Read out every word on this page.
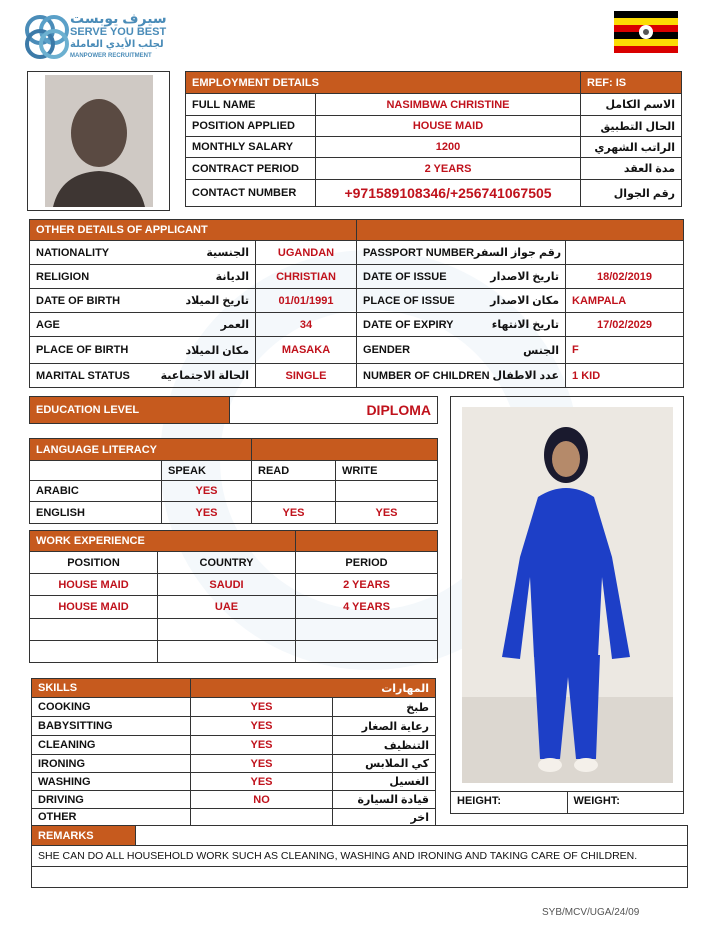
سيرف يوبست
SERVE YOU BEST
لجلب الأيدي العاملة
MANPOWER RECRUITMENT
EMPLOYMENT DETAILS		REF: IS
FULL NAME	NASIMBWA CHRISTINE	الاسم الكامل
POSITION APPLIED	HOUSE MAID	الحال التطبيق
MONTHLY SALARY	1200	الراتب الشهري
CONTRACT PERIOD	2 YEARS	مدة العقد
CONTACT NUMBER	+971589108346/+256741067505	رقم الجوال
OTHER DETAILS OF APPLICANT			

NATIONALITY الجنسية	UGANDAN	PASSPORT NUMBER رقم جواز السفر	

RELIGION الديانة	CHRISTIAN	DATE OF ISSUE تاريخ الاصدار	18/02/2019

DATE OF BIRTH تاريخ الميلاد	01/01/1991	PLACE OF ISSUE مكان الاصدار	KAMPALA

AGE العمر	34	DATE OF EXPIRY تاريخ الانتهاء	17/02/2029

PLACE OF BIRTH مكان الميلاد	MASAKA	GENDER الجنس	F

MARITAL STATUS الحالة الاجتماعية	SINGLE	NUMBER OF CHILDREN عدد الاطفال	1 KID
EDUCATION LEVEL	DIPLOMA
LANGUAGE LITERACY			
	SPEAK	READ	WRITE
ARABIC	YES		
ENGLISH	YES	YES	YES
WORK EXPERIENCE		
POSITION	COUNTRY	PERIOD
HOUSE MAID	SAUDI	2 YEARS
HOUSE MAID	UAE	4 YEARS

SKILLS	المهارات	
COOKING	YES	طبخ
BABYSITTING	YES	رعاية الصغار
CLEANING	YES	التنظيف
IRONING	YES	كي الملابس
WASHING	YES	الغسيل
DRIVING	NO	قيادة السيارة
OTHER		اخر
HEIGHT:	WEIGHT:
REMARKS	
SHE CAN DO ALL HOUSEHOLD WORK SUCH AS CLEANING, WASHING AND IRONING AND TAKING CARE OF CHILDREN.

SYB/MCV/UGA/24/09
